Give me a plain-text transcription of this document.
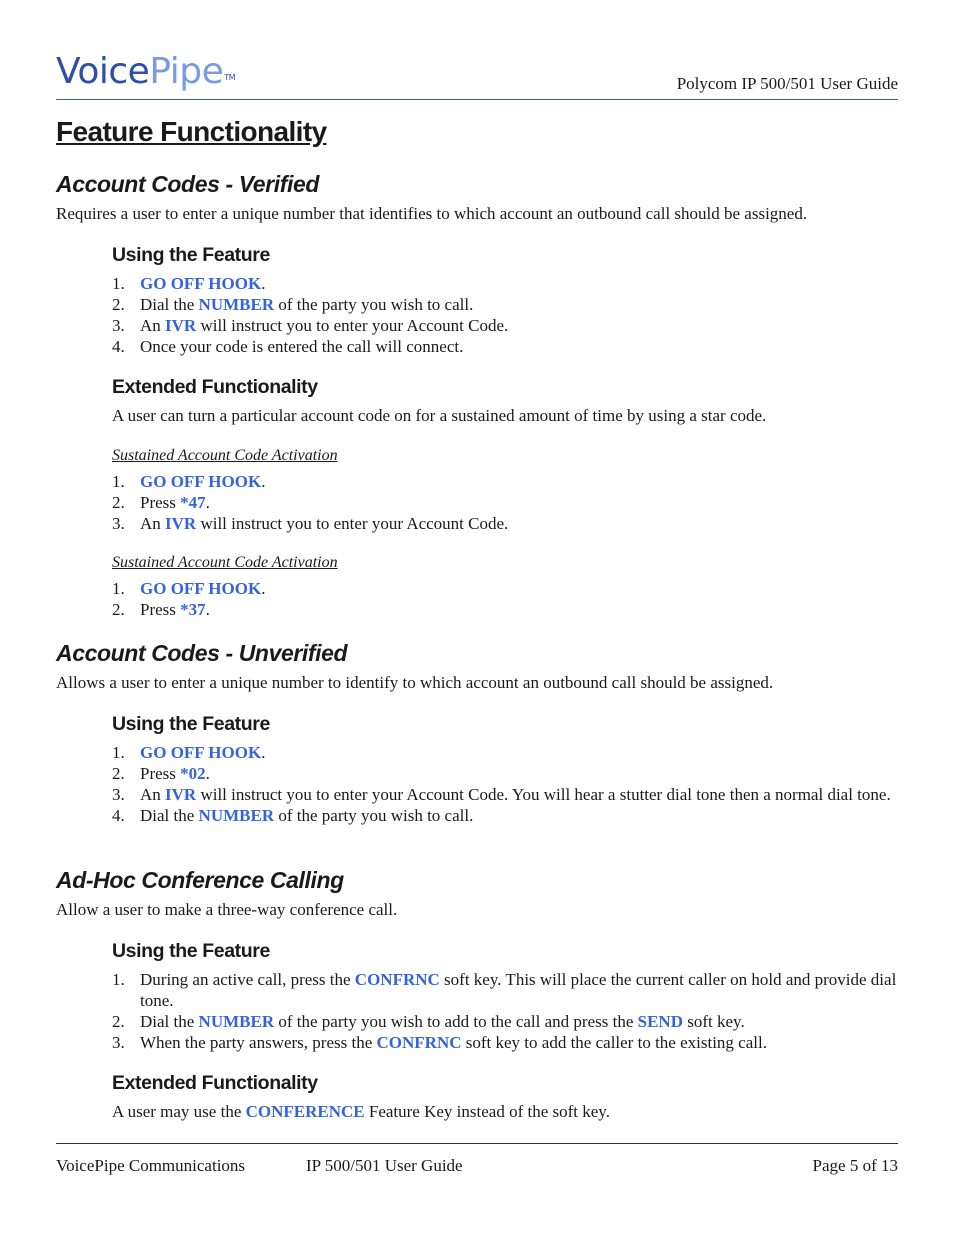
VoicePipe™	Polycom IP 500/501 User Guide
Feature Functionality
Account Codes - Verified

Requires a user to enter a unique number that identifies to which account an outbound call should be assigned.

Using the Feature
1. GO OFF HOOK.
2. Dial the NUMBER of the party you wish to call.
3. An IVR will instruct you to enter your Account Code.
4. Once your code is entered the call will connect.
Extended Functionality

A user can turn a particular account code on for a sustained amount of time by using a star code.

Sustained Account Code Activation
1. GO OFF HOOK.
2. Press *47.
3. An IVR will instruct you to enter your Account Code.
Sustained Account Code Activation
1. GO OFF HOOK.
2. Press *37.
Account Codes - Unverified

Allows a user to enter a unique number to identify to which account an outbound call should be assigned.

Using the Feature
1. GO OFF HOOK.
2. Press *02.
3. An IVR will instruct you to enter your Account Code. You will hear a stutter dial tone then a normal dial tone.
4. Dial the NUMBER of the party you wish to call.
Ad-Hoc Conference Calling

Allow a user to make a three-way conference call.

Using the Feature
1. During an active call, press the CONFRNC soft key. This will place the current caller on hold and provide dial tone.
2. Dial the NUMBER of the party you wish to add to the call and press the SEND soft key.
3. When the party answers, press the CONFRNC soft key to add the caller to the existing call.
Extended Functionality

A user may use the CONFERENCE Feature Key instead of the soft key.

VoicePipe Communications	IP 500/501 User Guide	Page 5 of 13
